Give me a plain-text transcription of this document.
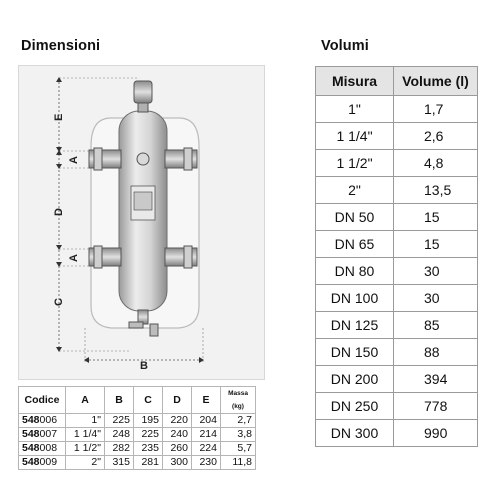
Dimensioni	Volumi
E
A
D
A
C
B
Codice	A	B	C	D	E	Massa (kg)
548006	1"	225	195	220	204	2,7
548007	1 1/4"	248	225	240	214	3,8
548008	1 1/2"	282	235	260	224	5,7
548009	2"	315	281	300	230	11,8
Misura	Volume (l)
1"	1,7
1 1/4"	2,6
1 1/2"	4,8
2"	13,5
DN 50	15
DN 65	15
DN 80	30
DN 100	30
DN 125	85
DN 150	88
DN 200	394
DN 250	778
DN 300	990
